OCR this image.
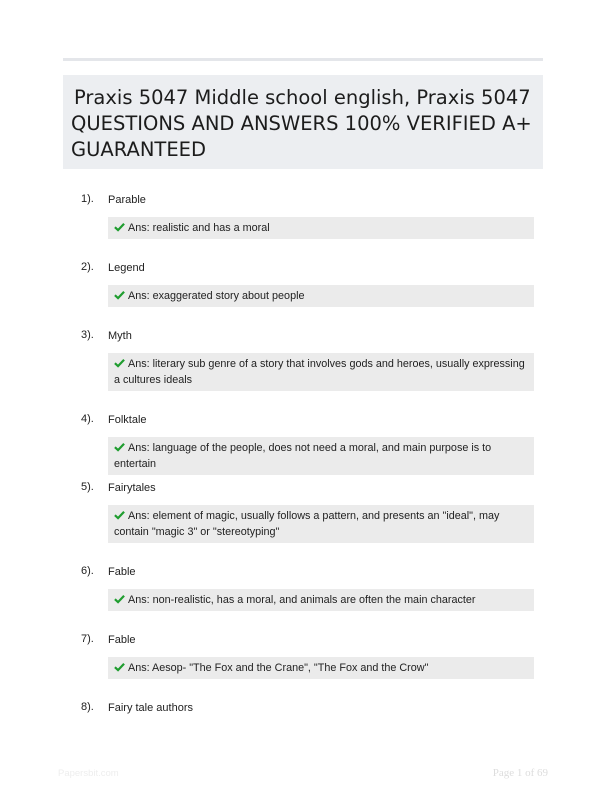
Praxis 5047 Middle school english, Praxis 5047
QUESTIONS AND ANSWERS 100% VERIFIED A+
GUARANTEED
1). Parable
Ans: realistic and has a moral
2). Legend
Ans: exaggerated story about people
3). Myth
Ans: literary sub genre of a story that involves gods and heroes, usually expressing a cultures ideals
4). Folktale
Ans: language of the people, does not need a moral, and main purpose is to entertain
5). Fairytales
Ans: element of magic, usually follows a pattern, and presents an "ideal", may contain "magic 3" or "stereotyping"
6). Fable
Ans: non-realistic, has a moral, and animals are often the main character
7). Fable
Ans: Aesop- "The Fox and the Crane", "The Fox and the Crow"
8). Fairy tale authors
Papersbit.com	Page 1 of 69
